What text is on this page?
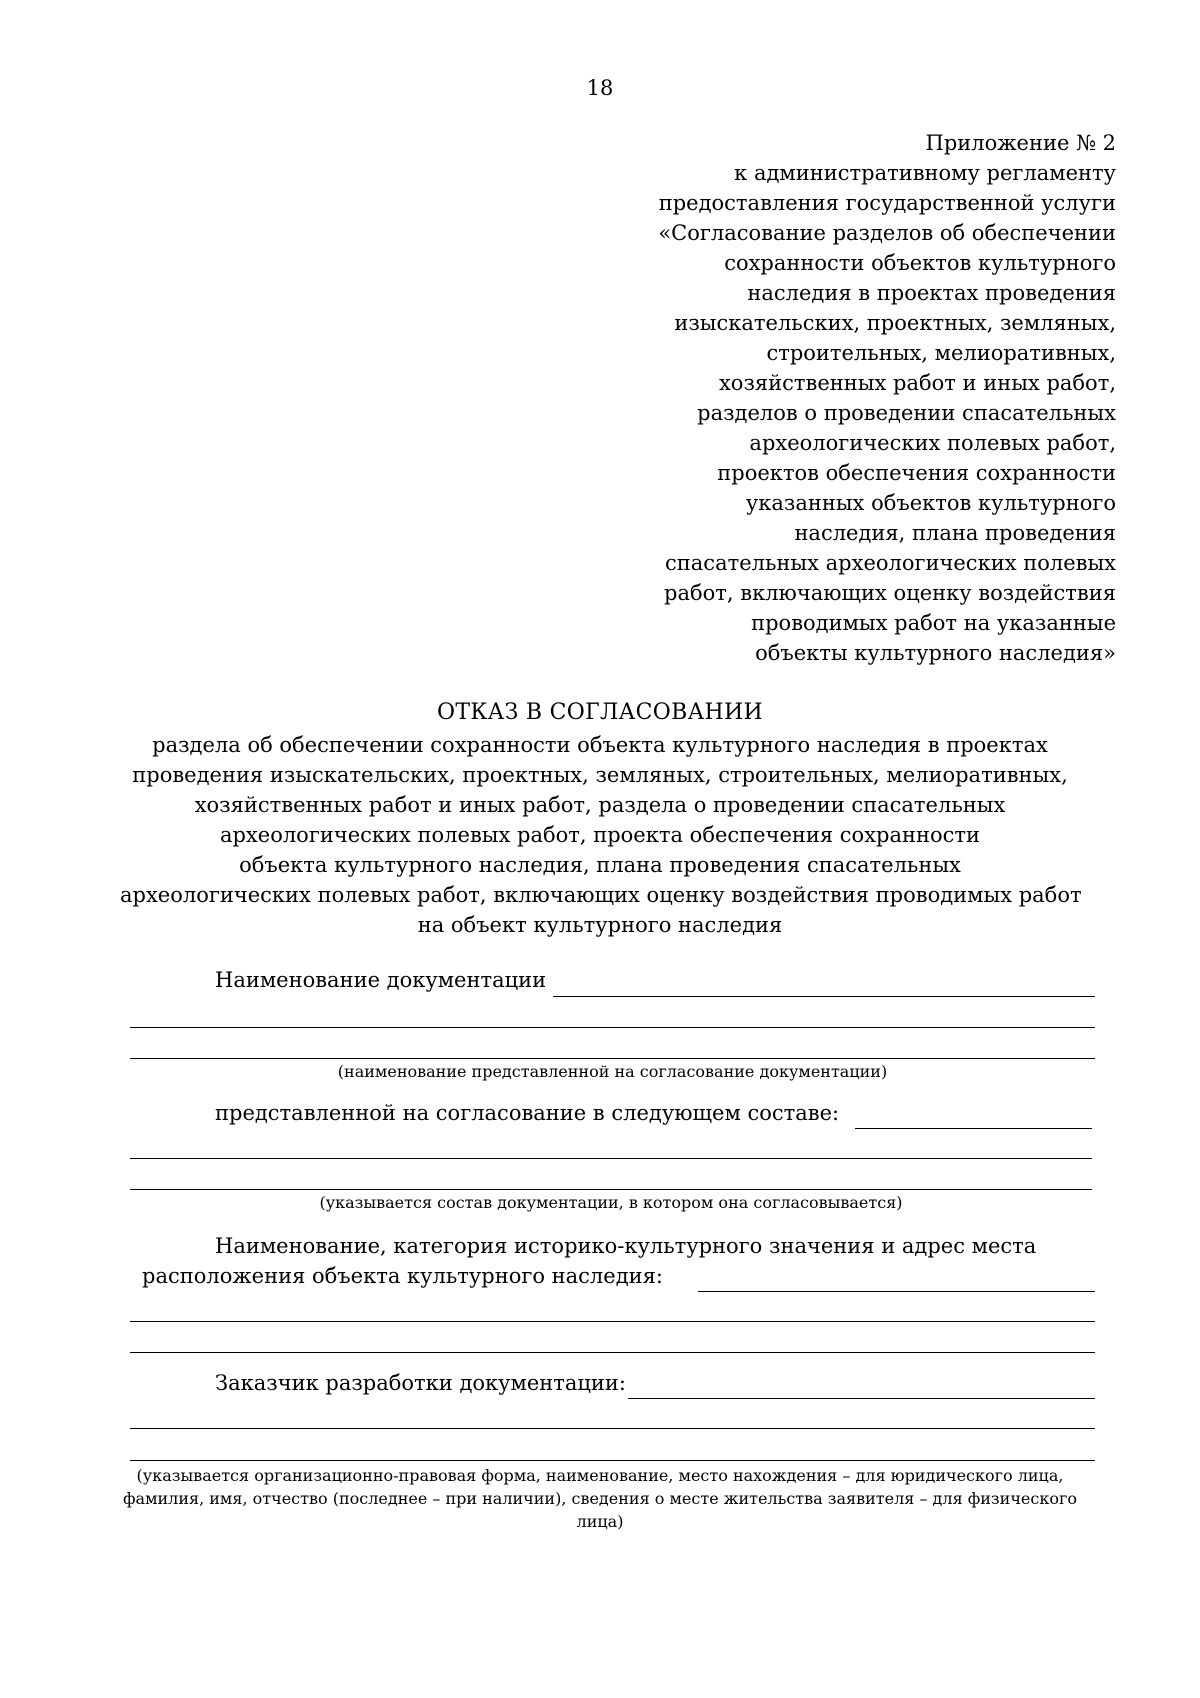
18
Приложение № 2
к административному регламенту
предоставления государственной услуги
«Согласование разделов об обеспечении
сохранности объектов культурного
наследия в проектах проведения
изыскательских, проектных, земляных,
строительных, мелиоративных,
хозяйственных работ и иных работ,
разделов о проведении спасательных
археологических полевых работ,
проектов обеспечения сохранности
указанных объектов культурного
наследия, плана проведения
спасательных археологических полевых
работ, включающих оценку воздействия
проводимых работ на указанные
объекты культурного наследия»
ОТКАЗ В СОГЛАСОВАНИИ
раздела об обеспечении сохранности объекта культурного наследия в проектах
проведения изыскательских, проектных, земляных, строительных, мелиоративных,
хозяйственных работ и иных работ, раздела о проведении спасательных
археологических полевых работ, проекта обеспечения сохранности
объекта культурного наследия, плана проведения спасательных
археологических полевых работ, включающих оценку воздействия проводимых работ
на объект культурного наследия
Наименование документации
(наименование представленной на согласование документации)
представленной на согласование в следующем составе:
(указывается состав документации, в котором она согласовывается)
Наименование, категория историко-культурного значения и адрес места
расположения объекта культурного наследия:
Заказчик разработки документации:
(указывается организационно-правовая форма, наименование, место нахождения – для юридического лица,
фамилия, имя, отчество (последнее – при наличии), сведения о месте жительства заявителя – для физического
лица)
